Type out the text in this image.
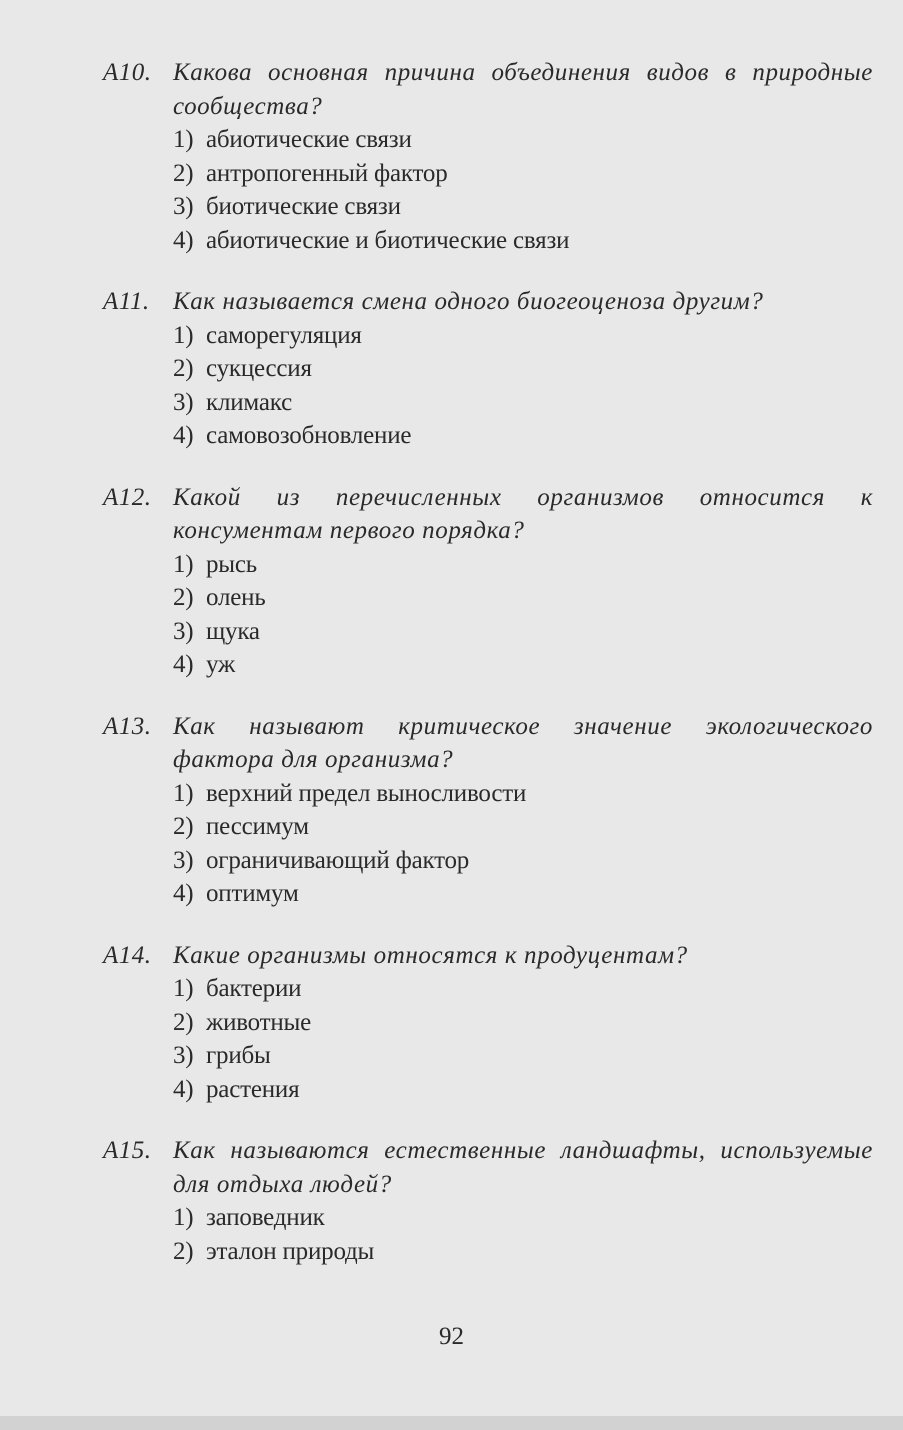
А10. Какова основная причина объединения видов в природные сообщества?
1) абиотические связи
2) антропогенный фактор
3) биотические связи
4) абиотические и биотические связи
А11. Как называется смена одного биогеоценоза другим?
1) саморегуляция
2) сукцессия
3) климакс
4) самовозобновление
А12. Какой из перечисленных организмов относится к консументам первого порядка?
1) рысь
2) олень
3) щука
4) уж
А13. Как называют критическое значение экологического фактора для организма?
1) верхний предел выносливости
2) пессимум
3) ограничивающий фактор
4) оптимум
А14. Какие организмы относятся к продуцентам?
1) бактерии
2) животные
3) грибы
4) растения
А15. Как называются естественные ландшафты, используемые для отдыха людей?
1) заповедник
2) эталон природы
92
